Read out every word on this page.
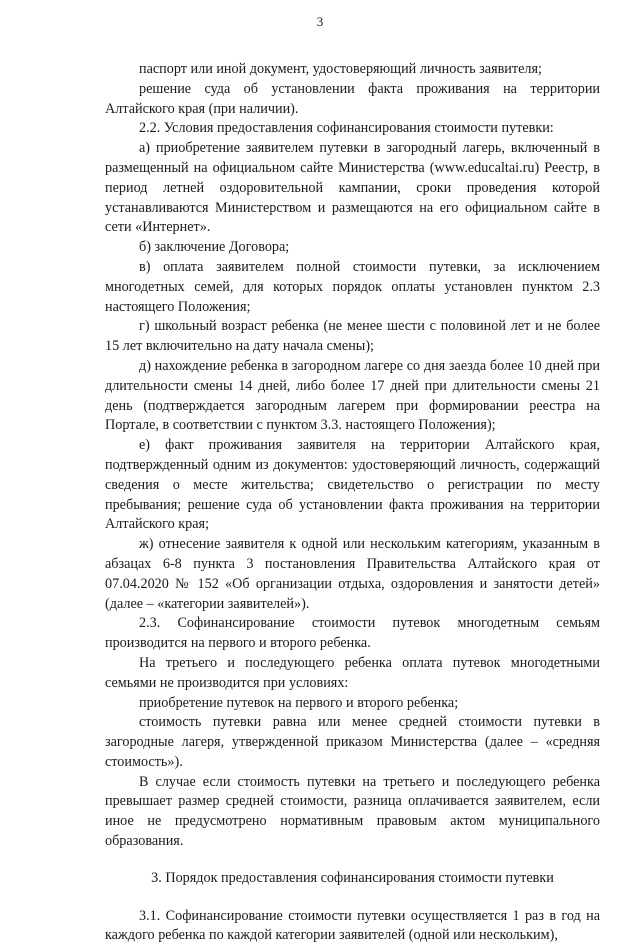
3

паспорт или иной документ, удостоверяющий личность заявителя;

решение суда об установлении факта проживания на территории Алтайского края (при наличии).

2.2. Условия предоставления софинансирования стоимости путевки:

а) приобретение заявителем путевки в загородный лагерь, включенный в размещенный на официальном сайте Министерства (www.educaltai.ru) Реестр, в период летней оздоровительной кампании, сроки проведения которой устанавливаются Министерством и размещаются на его официальном сайте в сети «Интернет».

б) заключение Договора;

в) оплата заявителем полной стоимости путевки, за исключением многодетных семей, для которых порядок оплаты установлен пунктом 2.3 настоящего Положения;

г) школьный возраст ребенка (не менее шести с половиной лет и не более 15 лет включительно на дату начала смены);

д) нахождение ребенка в загородном лагере со дня заезда более 10 дней при длительности смены 14 дней, либо более 17 дней при длительности смены 21 день (подтверждается загородным лагерем при формировании реестра на Портале, в соответствии с пунктом 3.3. настоящего Положения);

е) факт проживания заявителя на территории Алтайского края, подтвержденный одним из документов: удостоверяющий личность, содержащий сведения о месте жительства; свидетельство о регистрации по месту пребывания; решение суда об установлении факта проживания на территории Алтайского края;

ж) отнесение заявителя к одной или нескольким категориям, указанным в абзацах 6-8 пункта 3 постановления Правительства Алтайского края от 07.04.2020 № 152 «Об организации отдыха, оздоровления и занятости детей» (далее – «категории заявителей»).

2.3. Софинансирование стоимости путевок многодетным семьям производится на первого и второго ребенка.

На третьего и последующего ребенка оплата путевок многодетными семьями не производится при условиях:

приобретение путевок на первого и второго ребенка;

стоимость путевки равна или менее средней стоимости путевки в загородные лагеря, утвержденной приказом Министерства (далее – «средняя стоимость»).

В случае если стоимость путевки на третьего и последующего ребенка превышает размер средней стоимости, разница оплачивается заявителем, если иное не предусмотрено нормативным правовым актом муниципального образования.

3. Порядок предоставления софинансирования стоимости путевки

3.1. Софинансирование стоимости путевки осуществляется 1 раз в год на каждого ребенка по каждой категории заявителей (одной или нескольким),
